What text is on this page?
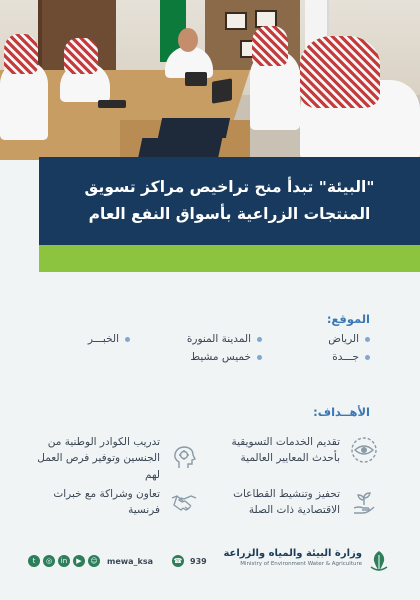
"البيئة" تبدأ منح تراخيص مراكز تسويق المنتجات الزراعية بأسواق النفع العام
الموقع:
الرياض
المدينة المنورة
الخبـــر
جـــدة
خميس مشيط
الأهــداف:
تقديم الخدمات التسويقية بأحدث المعايير العالمية
تدريب الكوادر الوطنية من الجنسين وتوفير فرص العمل لهم
تحفيز وتنشيط القطاعات الاقتصادية ذات الصلة
تعاون وشراكة مع خبرات فرنسية
وزارة البيئة والمياه والزراعة
Ministry of Environment Water & Agriculture
t	◎	in	▶	☺ mewa_ksa	☎ 939
